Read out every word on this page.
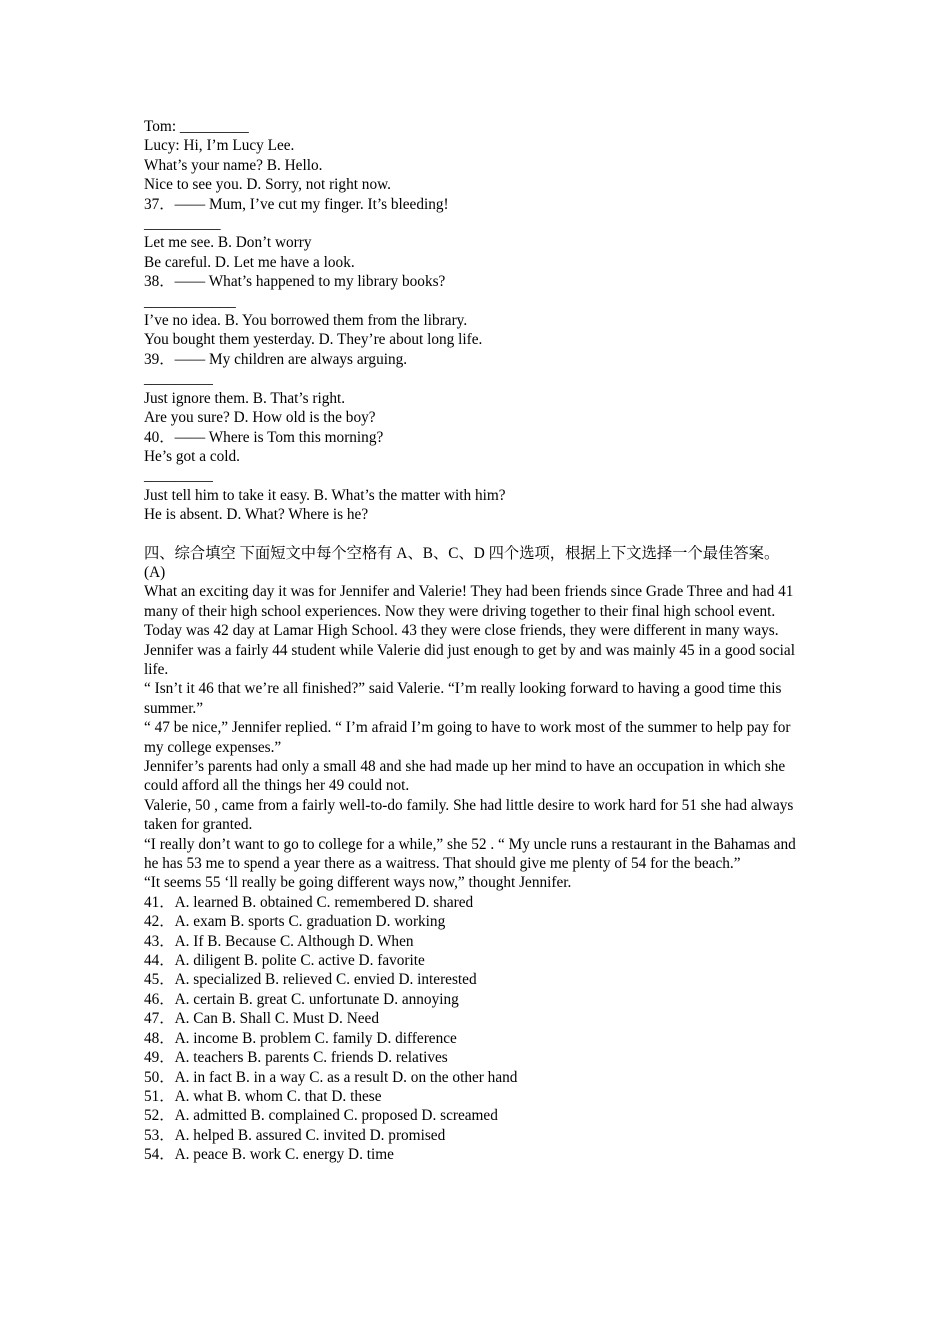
Tom: _________
Lucy: Hi, I’m Lucy Lee.
What’s your name? B. Hello.
Nice to see you. D. Sorry, not right now.
37．—— Mum, I’ve cut my finger. It’s bleeding!
__________
Let me see. B. Don’t worry
Be careful. D. Let me have a look.
38．—— What’s happened to my library books?
____________
I’ve no idea. B. You borrowed them from the library.
You bought them yesterday. D. They’re about long life.
39．—— My children are always arguing.
_________
Just ignore them. B. That’s right.
Are you sure? D. How old is the boy?
40．—— Where is Tom this morning?
He’s got a cold.
_________
Just tell him to take it easy. B. What’s the matter with him?
He is absent. D. What? Where is he?
四、综合填空 下面短文中每个空格有 A、B、C、D 四个选项，根据上下文选择一个最佳答案。
(A)
What an exciting day it was for Jennifer and Valerie! They had been friends since Grade Three and had 41 many of their high school experiences. Now they were driving together to their final high school event. Today was 42 day at Lamar High School. 43 they were close friends, they were different in many ways. Jennifer was a fairly 44 student while Valerie did just enough to get by and was mainly 45 in a good social life.
“ Isn’t it 46 that we’re all finished?” said Valerie. “I’m really looking forward to having a good time this summer.”
“ 47 be nice,” Jennifer replied. “ I’m afraid I’m going to have to work most of the summer to help pay for my college expenses.”
Jennifer’s parents had only a small 48 and she had made up her mind to have an occupation in which she could afford all the things her 49 could not.
Valerie, 50 , came from a fairly well-to-do family. She had little desire to work hard for 51 she had always taken for granted.
“I really don’t want to go to college for a while,” she 52 . “ My uncle runs a restaurant in the Bahamas and he has 53 me to spend a year there as a waitress. That should give me plenty of 54 for the beach.”
“It seems 55 ‘ll really be going different ways now,” thought Jennifer.
41．A. learned B. obtained C. remembered D. shared
42．A. exam B. sports C. graduation D. working
43．A. If B. Because C. Although D. When
44．A. diligent B. polite C. active D. favorite
45．A. specialized B. relieved C. envied D. interested
46．A. certain B. great C. unfortunate D. annoying
47．A. Can B. Shall C. Must D. Need
48．A. income B. problem C. family D. difference
49．A. teachers B. parents C. friends D. relatives
50．A. in fact B. in a way C. as a result D. on the other hand
51．A. what B. whom C. that D. these
52．A. admitted B. complained C. proposed D. screamed
53．A. helped B. assured C. invited D. promised
54．A. peace B. work C. energy D. time
